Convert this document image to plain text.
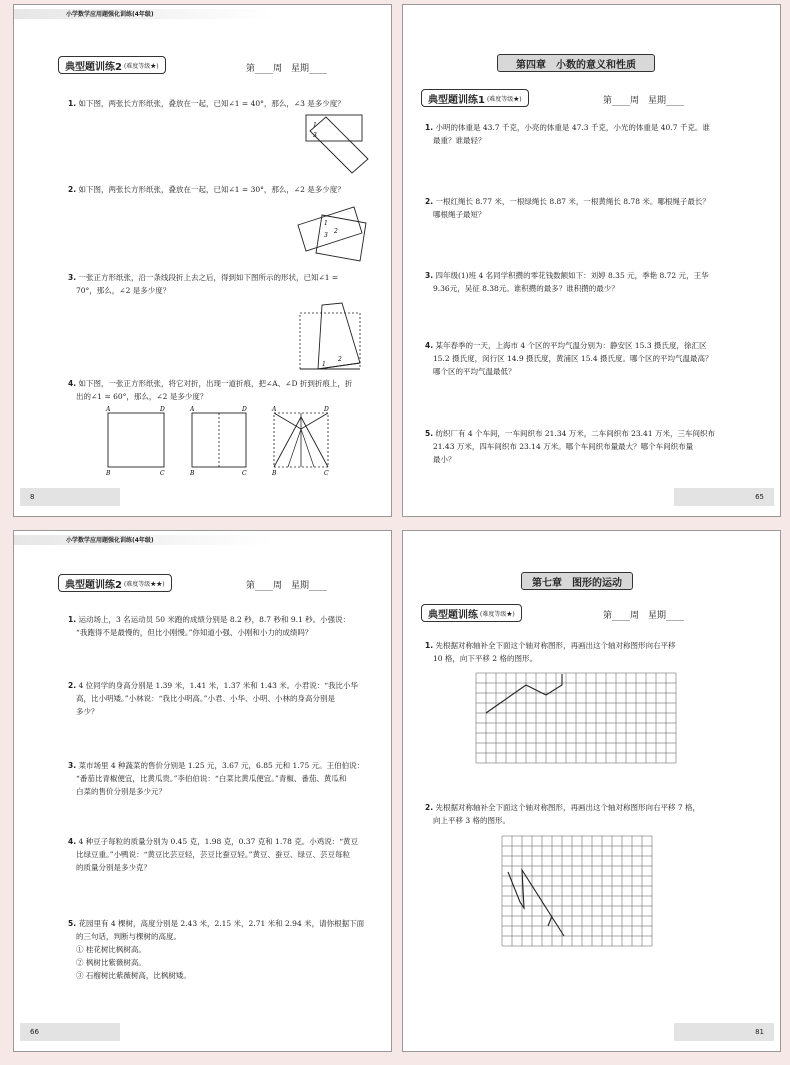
小学数学应用题强化训练(4年级)
典型题训练2 (难度等级★)	第____周　星期____
1. 如下图，两张长方形纸张，叠放在一起，已知∠1 = 40°，那么，∠3 是多少度？
1
3
2. 如下图，两张长方形纸张，叠放在一起，已知∠1 = 30°，那么，∠2 是多少度？
1
2
3
3. 一张正方形纸张，沿一条线段折上去之后，得到如下图所示的形状，已知∠1 =
70°，那么，∠2 是多少度？
1
2
4. 如下图，一张正方形纸张，将它对折，出现一道折痕，把∠A、∠D 折到折痕上，折
出的∠1 = 60°，那么，∠2 是多少度？
A	D
B	C
A	D
B	C
A	D
B	C
8
第四章　小数的意义和性质
典型题训练1 (难度等级★)	第____周　星期____
1. 小明的体重是 43.7 千克，小亮的体重是 47.3 千克，小光的体重是 40.7 千克。谁
最重？谁最轻？
2. 一根红绳长 8.77 米，一根绿绳长 8.87 米，一根黄绳长 8.78 米。哪根绳子最长？
哪根绳子最短？
3. 四年级(1)班 4 名同学积攒的零花钱数额如下：刘婷 8.35 元，季艳 8.72 元，王华
9.36元，吴征 8.38元。谁积攒的最多？谁积攒的最少？
4. 某年春季的一天，上海市 4 个区的平均气温分别为：静安区 15.3 摄氏度，徐汇区
15.2 摄氏度，闵行区 14.9 摄氏度，黄浦区 15.4 摄氏度。哪个区的平均气温最高？
哪个区的平均气温最低？
5. 纺织厂有 4 个车间，一车间织布 21.34 万米，二车间织布 23.41 万米，三车间织布
21.43 万米，四车间织布 23.14 万米。哪个车间织布量最大？哪个车间织布量
最小？
65
小学数学应用题强化训练(4年级)
典型题训练2 (难度等级★★)	第____周　星期____
1. 运动场上，3 名运动员 50 米跑的成绩分别是 8.2 秒，8.7 秒和 9.1 秒。小强说：
“我跑得不是最慢的，但比小刚慢。”你知道小强、小刚和小力的成绩吗？
2. 4 位同学的身高分别是 1.39 米，1.41 米，1.37 米和 1.43 米。小君说：“我比小华
高，比小明矮。”小林说：“我比小明高。”小君、小华、小明、小林的身高分别是
多少？
3. 菜市场里 4 种蔬菜的售价分别是 1.25 元，3.67 元，6.85 元和 1.75 元。王伯伯说：
“番茄比青椒便宜，比黄瓜贵。”李伯伯说：“白菜比黄瓜便宜。”青椒、番茄、黄瓜和
白菜的售价分别是多少元？
4. 4 种豆子每粒的质量分别为 0.45 克，1.98 克，0.37 克和 1.78 克。小鸡说：“黄豆
比绿豆重。”小鸭说：“黄豆比芸豆轻，芸豆比蚕豆轻。”黄豆、蚕豆、绿豆、芸豆每粒
的质量分别是多少克？
5. 花园里有 4 棵树，高度分别是 2.43 米，2.15 米，2.71 米和 2.94 米，请你根据下面
的三句话，判断与棵树的高度。
① 桂花树比枫树高。
② 枫树比紫薇树高。
③ 石榴树比紫薇树高，比枫树矮。
66
第七章　图形的运动
典型题训练 (难度等级★)	第____周　星期____
1. 先根据对称轴补全下面这个轴对称图形，再画出这个轴对称图形向右平移
10 格，向下平移 2 格的图形。
2. 先根据对称轴补全下面这个轴对称图形，再画出这个轴对称图形向右平移 7 格，
向上平移 3 格的图形。
81
